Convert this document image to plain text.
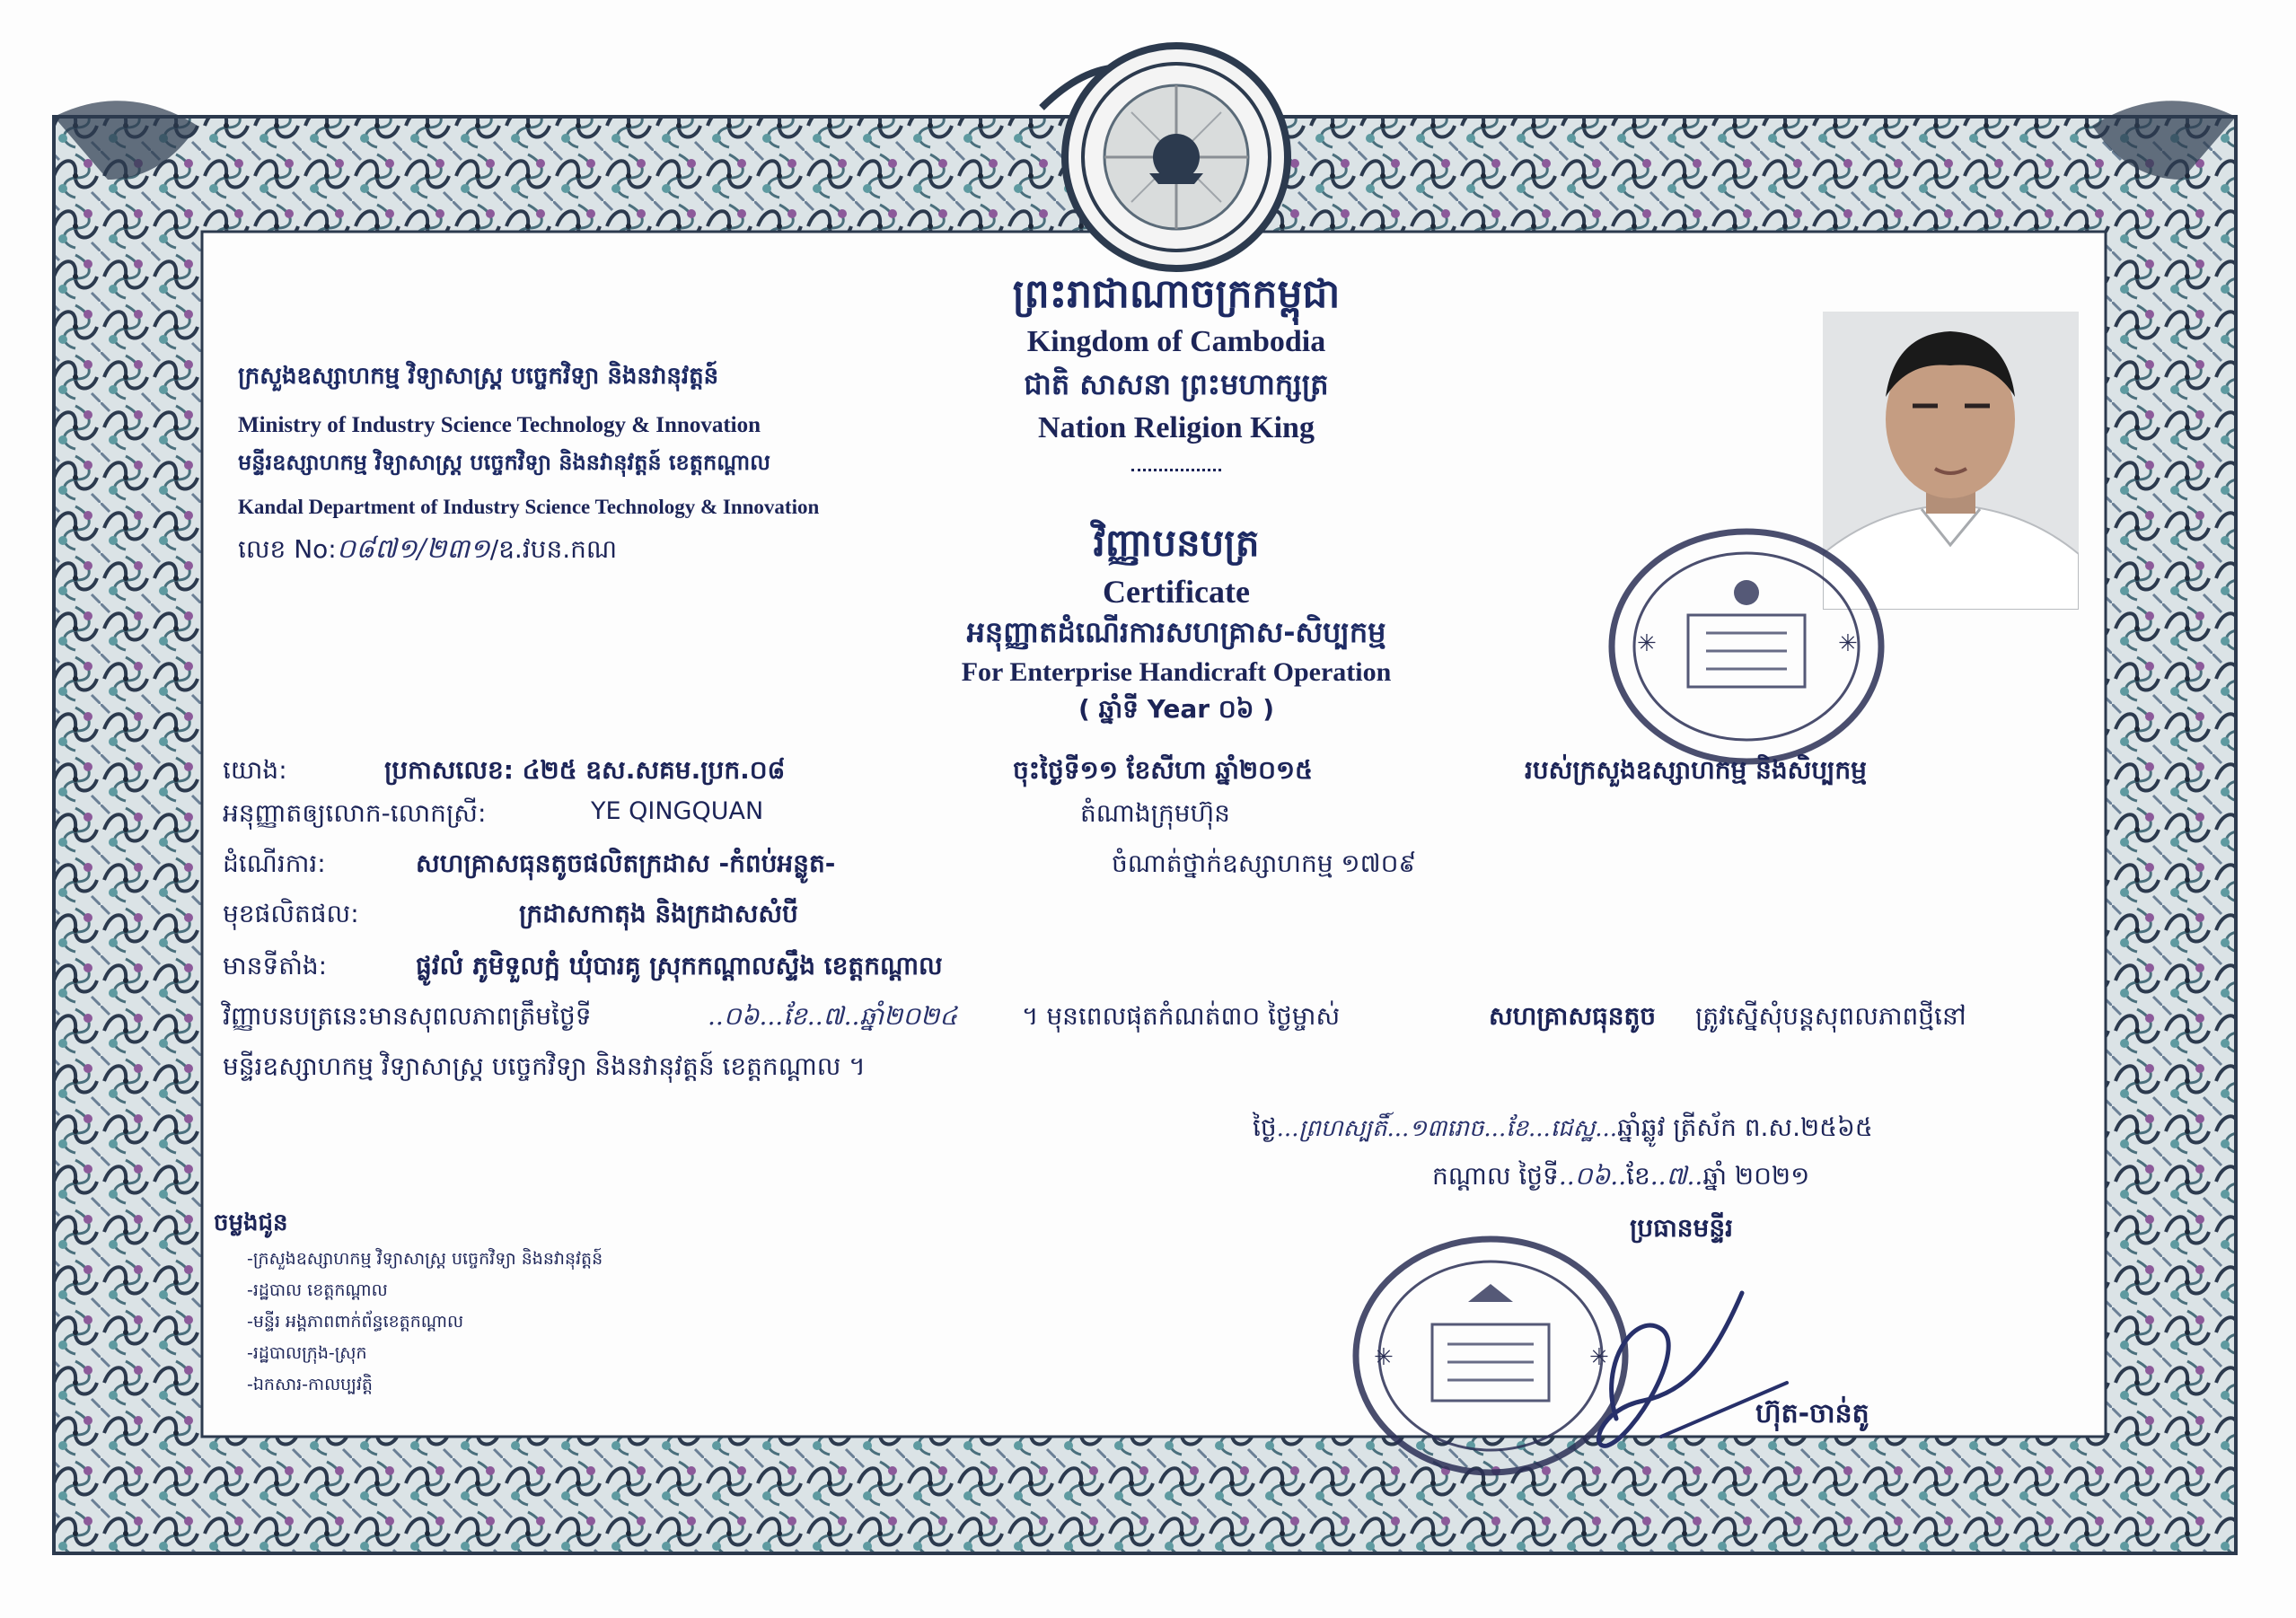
ព្រះរាជាណាចក្រកម្ពុជា
Kingdom of Cambodia
ជាតិ សាសនា ព្រះមហាក្សត្រ
Nation Religion King
ក្រសួងឧស្សាហកម្ម វិទ្យាសាស្ត្រ បច្ចេកវិទ្យា និងនវានុវត្តន៍
Ministry of Industry Science Technology & Innovation
មន្ទីរឧស្សាហកម្ម វិទ្យាសាស្ត្រ បច្ចេកវិទ្យា និងនវានុវត្តន៍ ខេត្តកណ្ដាល
Kandal Department of Industry Science Technology & Innovation
លេខ No:០៨៧១/២៣១/ឧ.វបន.កណ	វិញ្ញាបនបត្រ
Certificate
អនុញ្ញាតដំណើរការសហគ្រាស-សិប្បកម្ម
For Enterprise Handicraft Operation
( ឆ្នាំទី Year ០៦ )
✳	✳
យោង:	ប្រកាសលេខ: ៤២៥ ឧស.សគម.ប្រក.០៨	ចុះថ្ងៃទី១១ ខែសីហា ឆ្នាំ២០១៥	របស់ក្រសួងឧស្សាហកម្ម និងសិប្បកម្ម
អនុញ្ញាតឲ្យលោក-លោកស្រី:	YE QINGQUAN	តំណាងក្រុមហ៊ុន
ដំណើរការ:	សហគ្រាសធុនតូចផលិតក្រដាស -កំពប់អន្លូត-	ចំណាត់ថ្នាក់ឧស្សាហកម្ម ១៧០៩
មុខផលិតផល:	ក្រដាសកាតុង និងក្រដាសសំបី
មានទីតាំង:	ផ្លូវលំ ភូមិទួលក្អំ ឃុំបារគូ ស្រុកកណ្ដាលស្ទឹង ខេត្តកណ្ដាល
វិញ្ញាបនបត្រនេះមានសុពលភាពត្រឹមថ្ងៃទី	..០៦...ខែ..៧..ឆ្នាំ២០២៤	។ មុនពេលផុតកំណត់៣០ ថ្ងៃម្ចាស់	សហគ្រាសធុនតូច ត្រូវស្នើសុំបន្តសុពលភាពថ្មីនៅ
មន្ទីរឧស្សាហកម្ម វិទ្យាសាស្ត្រ បច្ចេកវិទ្យា និងនវានុវត្តន៍ ខេត្តកណ្ដាល ។
ថ្ងៃ...ព្រហស្បតិ៍...១៣រោច...ខែ...ជេស្ឋ...ឆ្នាំឆ្លូវ ត្រីស័ក ព.ស.២៥៦៥
កណ្ដាល ថ្ងៃទី..០៦..ខែ..៧..ឆ្នាំ ២០២១
ប្រធានមន្ទីរ
✳	✳
ហ៊ុត-ចាន់តូ
ចម្លងជូន
-ក្រសួងឧស្សាហកម្ម វិទ្យាសាស្ត្រ បច្ចេកវិទ្យា និងនវានុវត្តន៍
-រដ្ឋបាល ខេត្តកណ្ដាល
-មន្ទីរ អង្គភាពពាក់ព័ន្ធខេត្តកណ្ដាល
-រដ្ឋបាលក្រុង-ស្រុក
-ឯកសារ-កាលប្បវត្តិ
